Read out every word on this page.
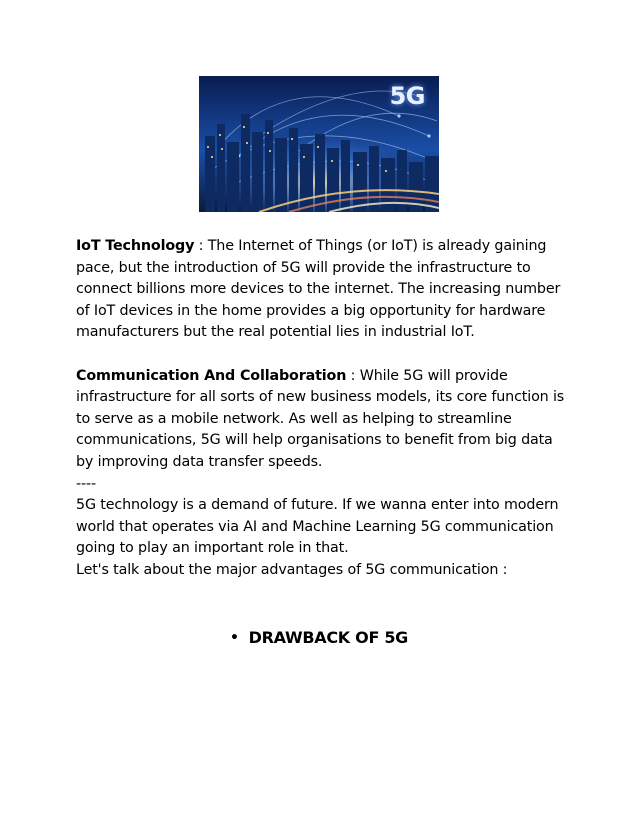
5G

IoT Technology : The Internet of Things (or IoT) is already gaining pace, but the introduction of 5G will provide the infrastructure to connect billions more devices to the internet. The increasing number of IoT devices in the home provides a big opportunity for hardware manufacturers but the real potential lies in industrial IoT.

Communication And Collaboration : While 5G will provide infrastructure for all sorts of new business models, its core function is to serve as a mobile network. As well as helping to streamline communications, 5G will help organisations to benefit from big data by improving data transfer speeds.

----

5G technology is a demand of future. If we wanna enter into modern world that operates via AI and Machine Learning 5G communication going to play an important role in that.

Let's talk about the major advantages of 5G communication :

• DRAWBACK OF 5G
